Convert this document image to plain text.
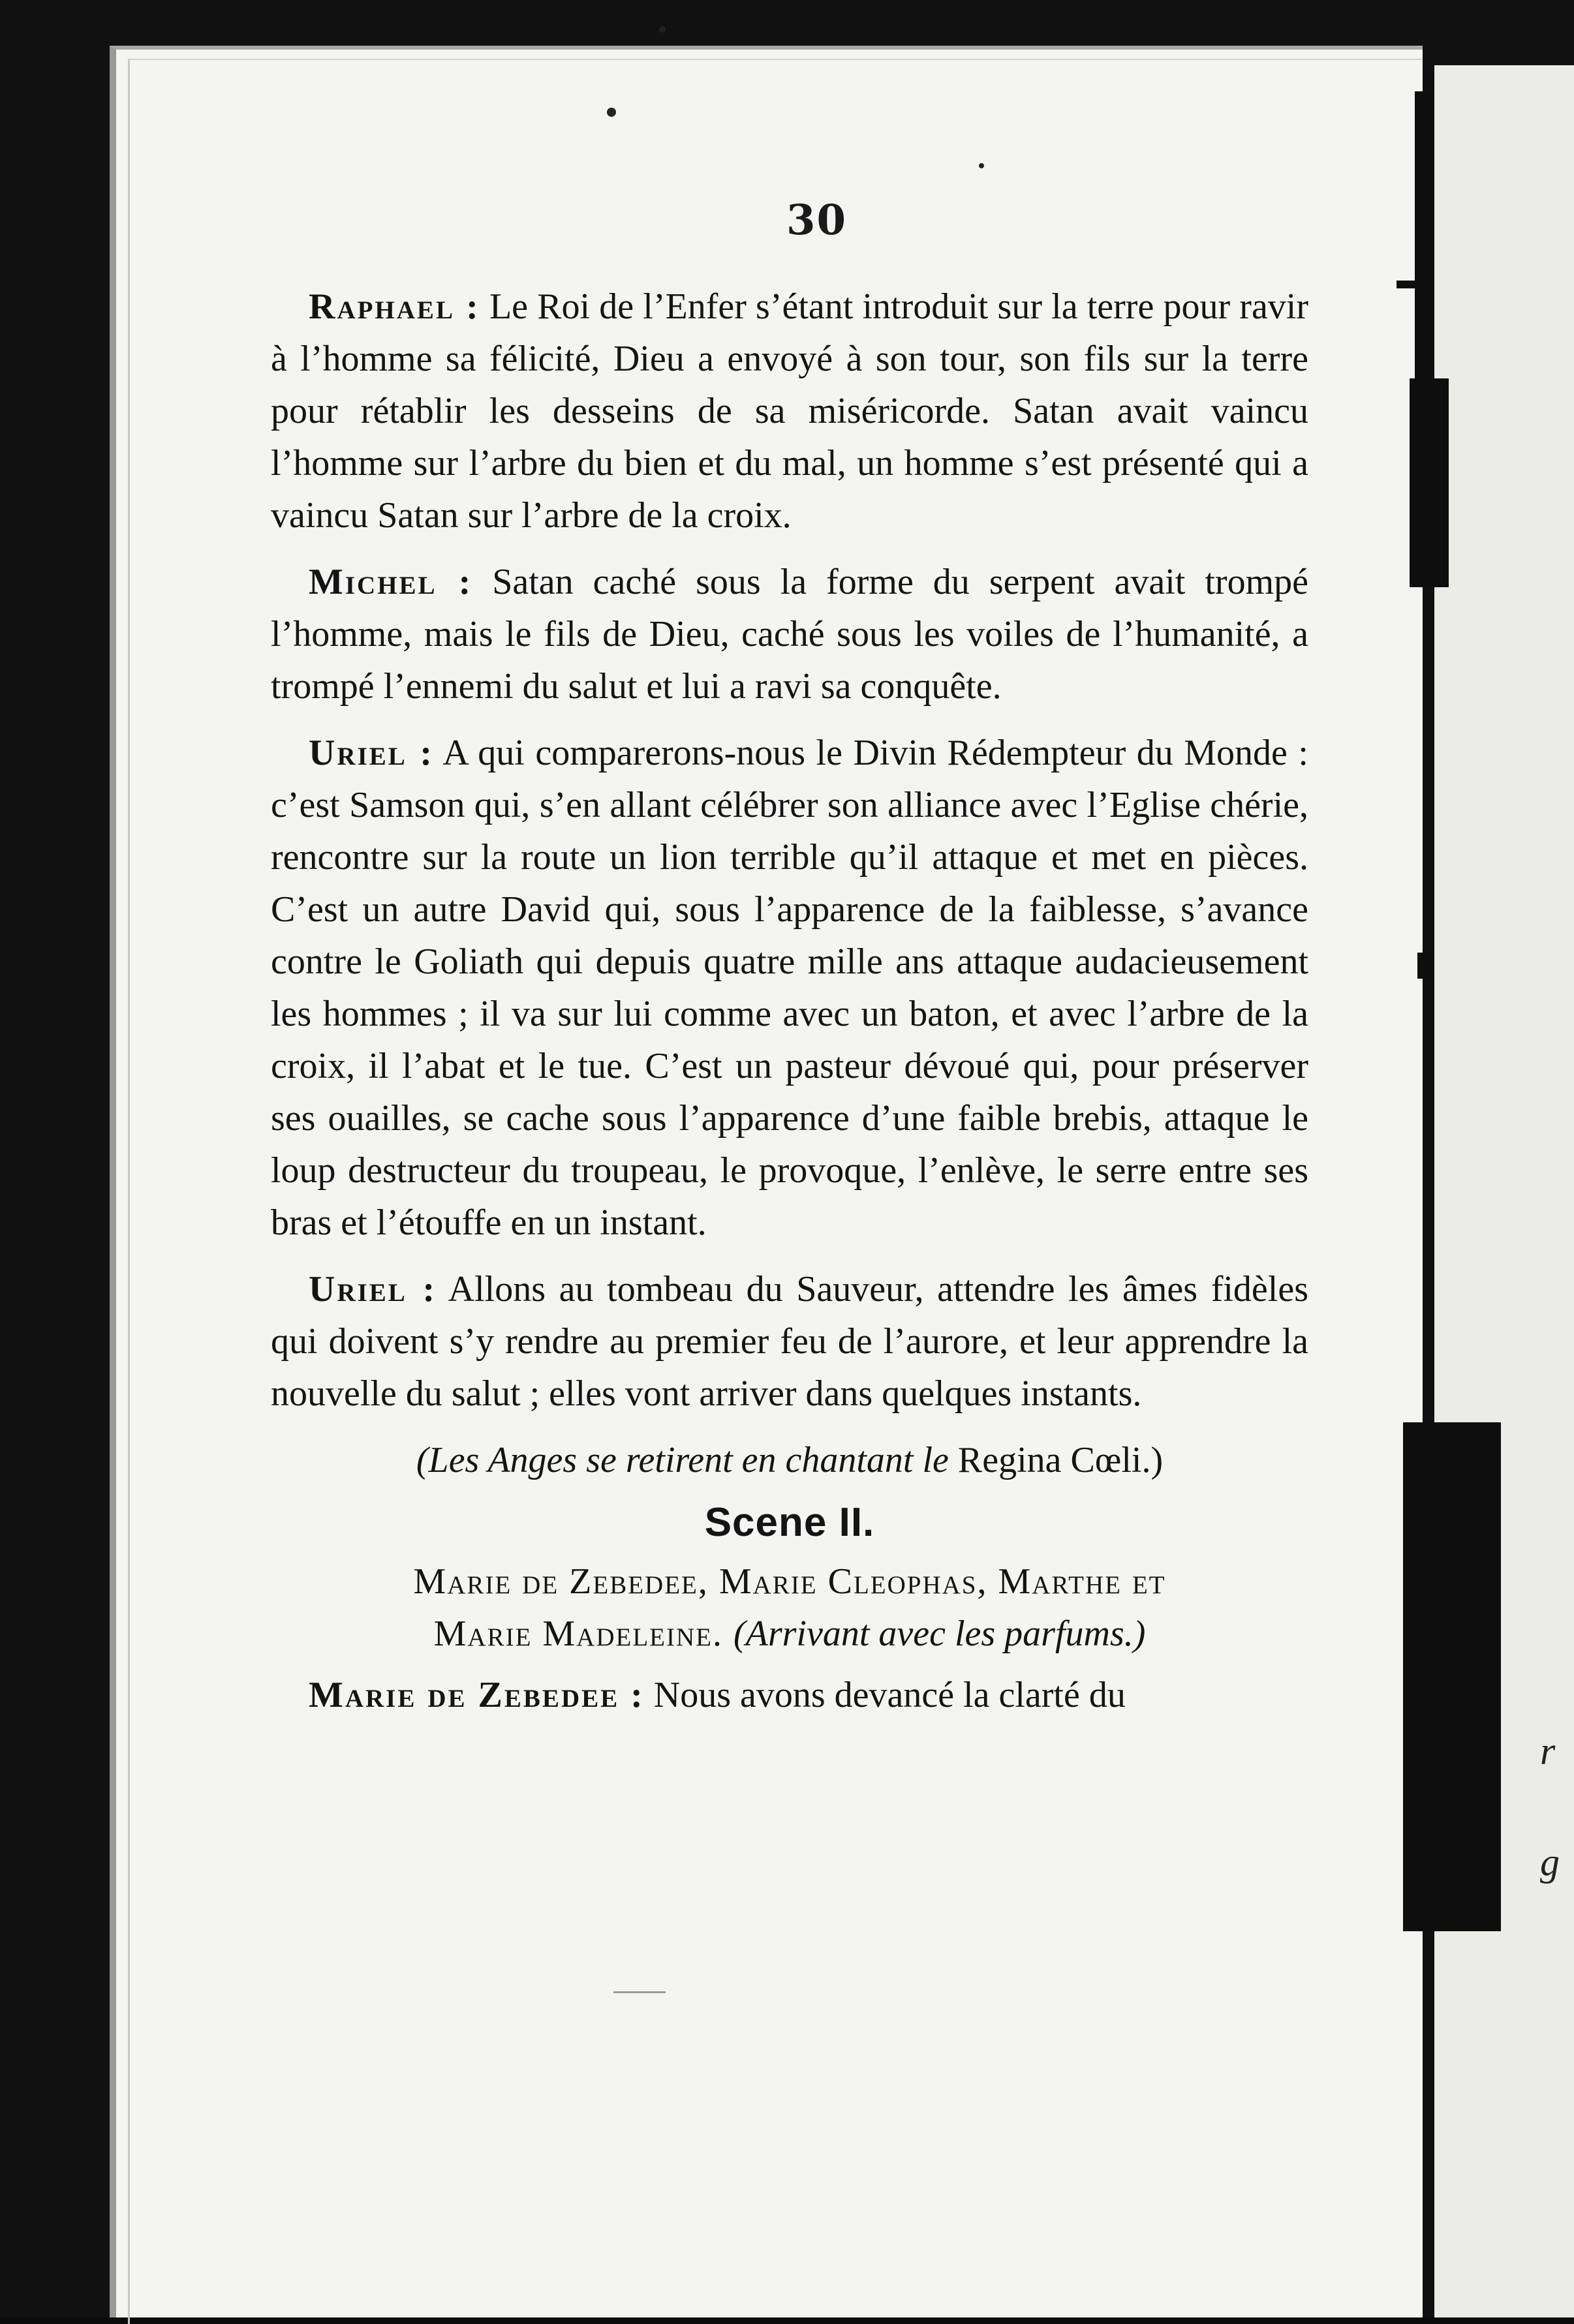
r
g
30

Raphael : Le Roi de l’Enfer s’étant introduit sur la terre pour ravir à l’homme sa félicité, Dieu a envoyé à son tour, son fils sur la terre pour rétablir les desseins de sa miséricorde. Satan avait vaincu l’homme sur l’arbre du bien et du mal, un homme s’est présenté qui a vaincu Satan sur l’arbre de la croix.

Michel : Satan caché sous la forme du serpent avait trompé l’homme, mais le fils de Dieu, caché sous les voiles de l’humanité, a trompé l’ennemi du salut et lui a ravi sa conquête.

Uriel : A qui comparerons-nous le Divin Rédempteur du Monde : c’est Samson qui, s’en allant célébrer son alliance avec l’Eglise chérie, rencontre sur la route un lion terrible qu’il attaque et met en pièces. C’est un autre David qui, sous l’apparence de la faiblesse, s’avance contre le Goliath qui depuis quatre mille ans attaque audacieusement les hommes ; il va sur lui comme avec un baton, et avec l’arbre de la croix, il l’abat et le tue. C’est un pasteur dévoué qui, pour préserver ses ouailles, se cache sous l’apparence d’une faible brebis, attaque le loup destructeur du troupeau, le provoque, l’enlève, le serre entre ses bras et l’étouffe en un instant.

Uriel : Allons au tombeau du Sauveur, attendre les âmes fidèles qui doivent s’y rendre au premier feu de l’aurore, et leur apprendre la nouvelle du salut ; elles vont arriver dans quelques instants.

(Les Anges se retirent en chantant le Regina Cœli.)

Scene II.

Marie de Zebedee, Marie Cleophas, Marthe et

Marie Madeleine. (Arrivant avec les parfums.)

Marie de Zebedee : Nous avons devancé la clarté du
